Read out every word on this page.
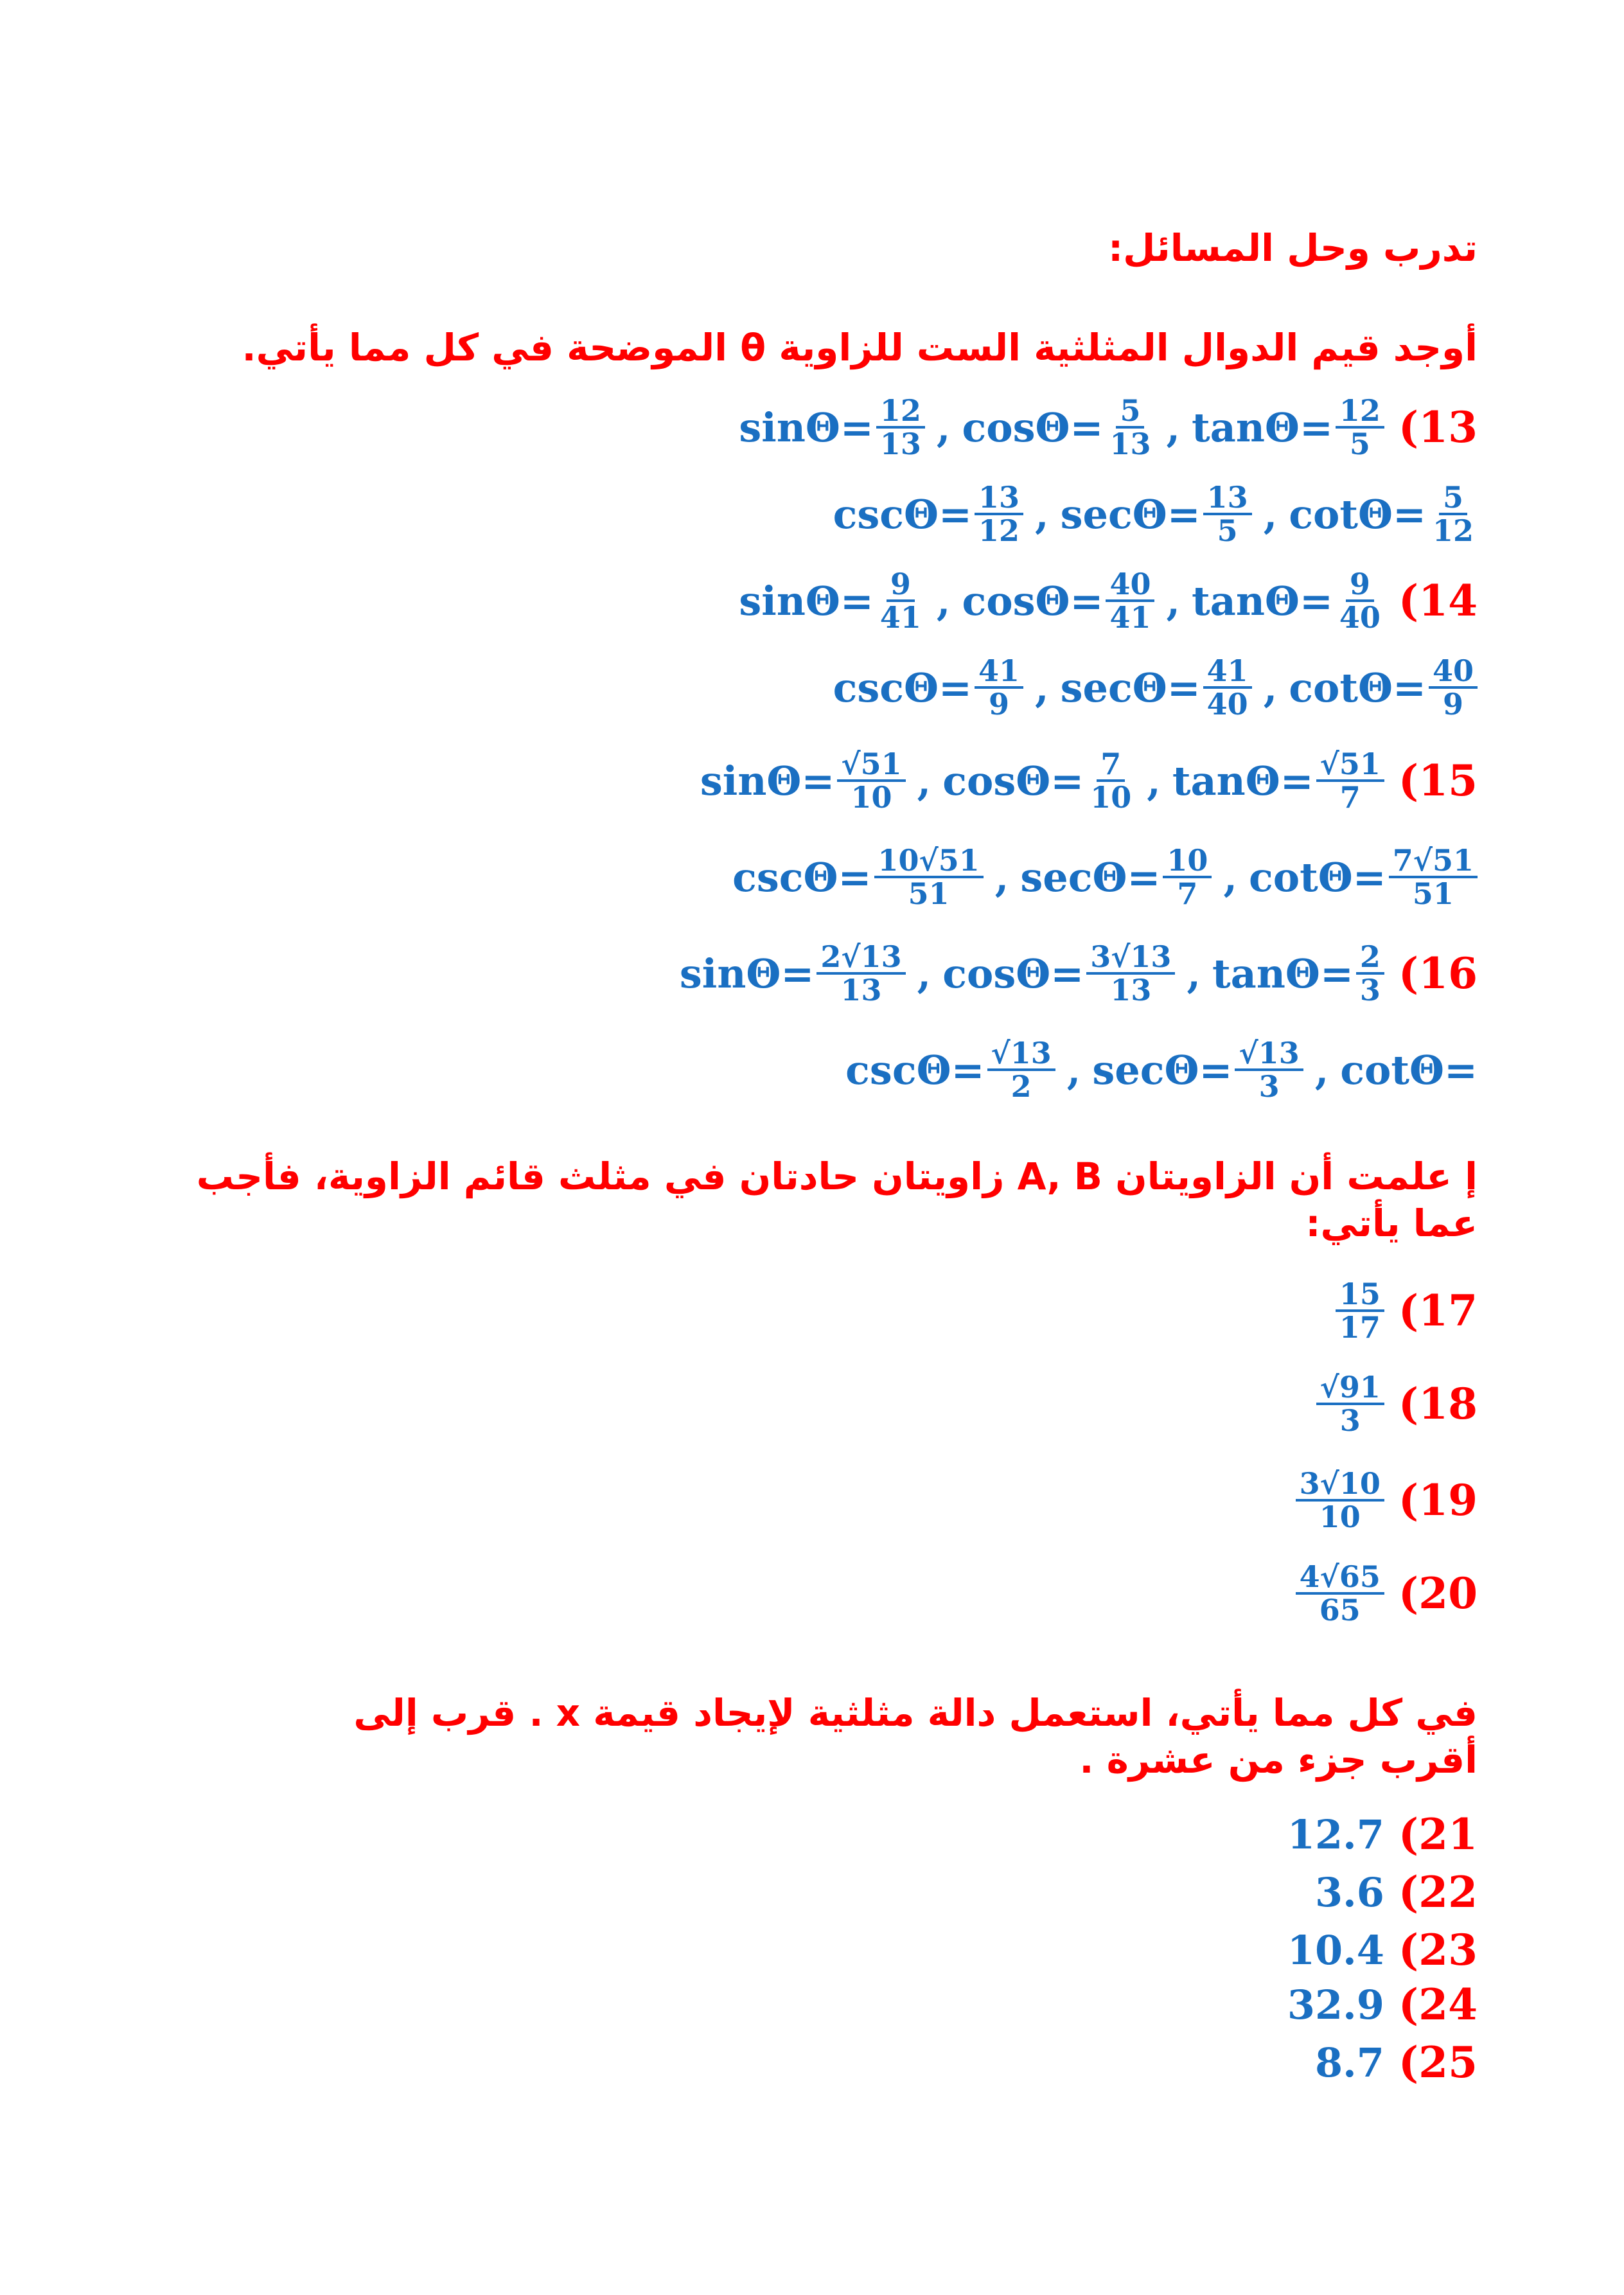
تدرب وحل المسائل:
أوجد قيم الدوال المثلثية الست للزاوية θ الموضحة في كل مما يأتي.
(13
$\sin\Theta= \frac{12}{13}$ , $\cos\Theta= \frac{5}{13}$ , $\tan\Theta= \frac{12}{5}$
$\csc\Theta= \frac{13}{12}$ , $\sec\Theta= \frac{13}{5}$ , $\cot\Theta= \frac{5}{12}$
(14
$\sin\Theta= \frac{9}{41}$ , $\cos\Theta= \frac{40}{41}$ , $\tan\Theta= \frac{9}{40}$
$\csc\Theta= \frac{41}{9}$ , $\sec\Theta= \frac{41}{40}$ , $\cot\Theta= \frac{40}{9}$
(15
$\sin\Theta= \frac{√51}{10}$ , $\cos\Theta= \frac{7}{10}$ , $\tan\Theta= \frac{√51}{7}$
$\csc\Theta= \frac{10√51}{51}$ , $\sec\Theta= \frac{10}{7}$ , $\cot\Theta= \frac{7√51}{51}$
(16
$\sin\Theta= \frac{2√13}{13}$ , $\cos\Theta= \frac{3√13}{13}$ , $\tan\Theta= \frac{2}{3}$
$\csc\Theta= \frac{√13}{2}$ , $\sec\Theta= \frac{√13}{3}$ , cotΘ=
إ علمت أن الزاويتان A, B زاويتان حادتان في مثلث قائم الزاوية، فأجب عما يأتي:
(17
$\frac{15}{17}$
(18
$\frac{√91}{3}$
(19
$\frac{3√10}{10}$
(20
$\frac{4√65}{65}$
في كل مما يأتي، استعمل دالة مثلثية لإيجاد قيمة x . قرب إلى أقرب جزء من عشرة .
(21
12.7
(22
3.6
(23
10.4
(24
32.9
(25
8.7
